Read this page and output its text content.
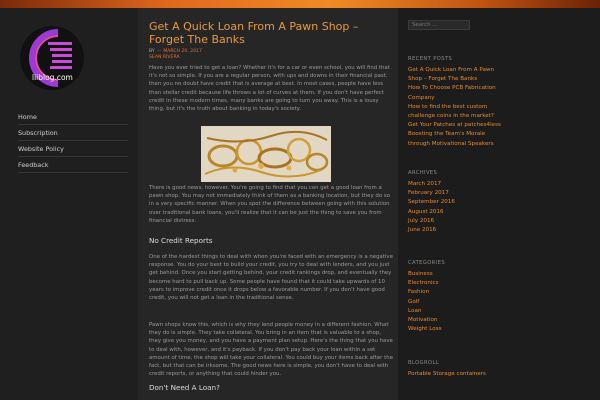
liiblog.com
Home
Subscription
Website Policy
Feedback
Get A Quick Loan From A Pawn Shop – Forget The Banks
BY — MARCH 20, 2017
SEAN RIVERA
Have you ever tried to get a loan? Whether it's for a car or even school, you will find that it's not so simple. If you are a regular person, with ups and downs in their financial past, then you no doubt have credit that is average at best. In most cases, people have less than stellar credit because life throws a lot of curves at them. If you don't have perfect credit in these modern times, many banks are going to turn you away. This is a lousy thing, but it's the truth about banking in today's society.
There is good news, however. You're going to find that you can get a good loan from a pawn shop. You may not immediately think of them as a banking location, but they do so in a very specific manner. When you spot the difference between going with this solution over traditional bank loans, you'll realize that it can be just the thing to save you from financial distress.
No Credit Reports
One of the hardest things to deal with when you're faced with an emergency is a negative response. You do your best to build your credit, you try to deal with lenders, and you just get behind. Once you start getting behind, your credit rankings drop, and eventually they become hard to pull back up. Some people have found that it could take upwards of 10 years to improve credit once it drops below a favorable number. If you don't have good credit, you will not get a loan in the traditional sense.
Pawn shops know this, which is why they lend people money in a different fashion. What they do is simple. They take collateral. You bring in an item that is valuable to a shop, they give you money, and you have a payment plan setup. Here's the thing that you have to deal with, however, and it's payback. If you don't pay back your loan within a set amount of time, the shop will take your collateral. You could buy your items back after the fact, but that can be irksome. The good news here is simple, you don't have to deal with credit reports, or anything that could hinder you.
Don't Need A Loan?
Search ...
RECENT POSTS
Get A Quick Loan From A Pawn Shop – Forget The Banks
How To Choose PCB Fabrication Company
How to find the best custom challenge coins in the market?
Get Your Patches at patches4less
Boosting the Team's Morale through Motivational Speakers
ARCHIVES
March 2017
February 2017
September 2016
August 2016
July 2016
June 2016
CATEGORIES
Business
Electronics
Fashion
Golf
Loan
Motivation
Weight Loss
BLOGROLL
Portable Storage containers
